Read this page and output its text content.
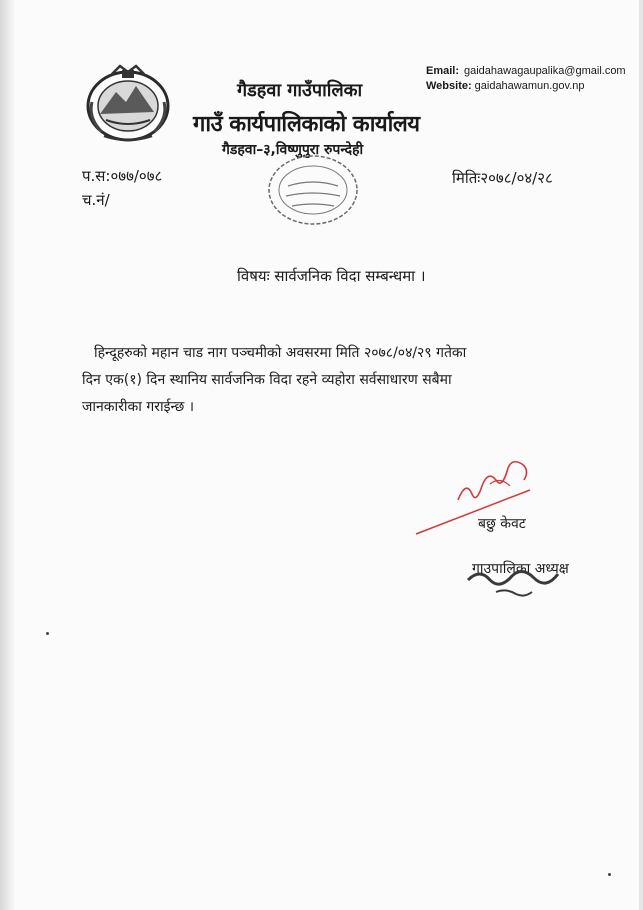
गैडहवा गाउँपालिका
गाउँ कार्यपालिकाको कार्यालय
गैडहवा–३,विष्णुपुरा रुपन्देही
Email: gaidahawagaupalika@gmail.com
Website: gaidahawamun.gov.np
प.स:०७७/०७८
च.नं/
मितिः२०७८/०४/२८
विषयः सार्वजनिक विदा सम्बन्धमा ।

हिन्दूहरुको महान चाड नाग पञ्चमीको अवसरमा मिति २०७८/०४/२९ गतेका

दिन एक(१) दिन स्थानिय सार्वजनिक विदा रहने व्यहोरा सर्वसाधारण सबैमा

जानकारीका गराईन्छ ।

बछु केवट
गाउपालिका अध्यक्ष
